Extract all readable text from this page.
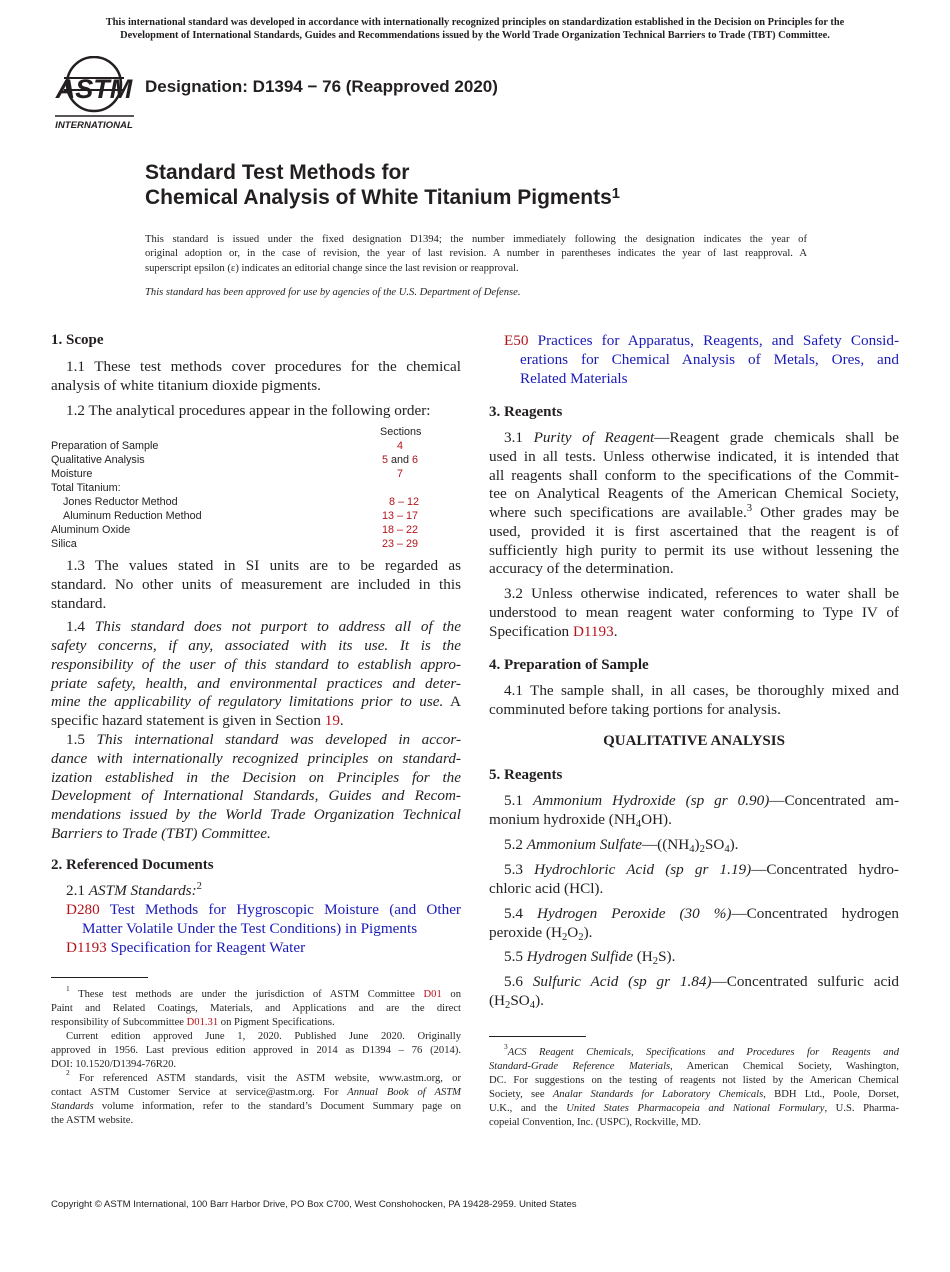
This international standard was developed in accordance with internationally recognized principles on standardization established in the Decision on Principles for the
Development of International Standards, Guides and Recommendations issued by the World Trade Organization Technical Barriers to Trade (TBT) Committee.
ASTM
INTERNATIONAL
Designation: D1394 − 76 (Reapproved 2020)
Standard Test Methods for
Chemical Analysis of White Titanium Pigments$^1$
This standard is issued under the fixed designation D1394; the number immediately following the designation indicates the year of
original adoption or, in the case of revision, the year of last revision. A number in parentheses indicates the year of last reapproval. A
superscript epsilon (ε) indicates an editorial change since the last revision or reapproval.
This standard has been approved for use by agencies of the U.S. Department of Defense.
1. Scope
1.1 These test methods cover procedures for the chemical
analysis of white titanium dioxide pigments.
1.2 The analytical procedures appear in the following order:
Sections
Preparation of Sample	4
Qualitative Analysis	5 and 6
Moisture	7
Total Titanium:
Jones Reductor Method	8 – 12
Aluminum Reduction Method	13 – 17
Aluminum Oxide	18 – 22
Silica	23 – 29
1.3 The values stated in SI units are to be regarded as
standard. No other units of measurement are included in this
standard.
1.4 This standard does not purport to address all of the
safety concerns, if any, associated with its use. It is the
responsibility of the user of this standard to establish appro-
priate safety, health, and environmental practices and deter-
mine the applicability of regulatory limitations prior to use. A
specific hazard statement is given in Section 19.
1.5 This international standard was developed in accor-
dance with internationally recognized principles on standard-
ization established in the Decision on Principles for the
Development of International Standards, Guides and Recom-
mendations issued by the World Trade Organization Technical
Barriers to Trade (TBT) Committee.
2. Referenced Documents
2.1 ASTM Standards:$^2$
D280 Test Methods for Hygroscopic Moisture (and Other
Matter Volatile Under the Test Conditions) in Pigments
D1193 Specification for Reagent Water
$^1$ These test methods are under the jurisdiction of ASTM Committee D01 on
Paint and Related Coatings, Materials, and Applications and are the direct
responsibility of Subcommittee D01.31 on Pigment Specifications.
Current edition approved June 1, 2020. Published June 2020. Originally
approved in 1956. Last previous edition approved in 2014 as D1394 – 76 (2014).
DOI: 10.1520/D1394-76R20.
$^2$ For referenced ASTM standards, visit the ASTM website, www.astm.org, or
contact ASTM Customer Service at service@astm.org. For Annual Book of ASTM
Standards volume information, refer to the standard’s Document Summary page on
the ASTM website.
E50 Practices for Apparatus, Reagents, and Safety Consid-
erations for Chemical Analysis of Metals, Ores, and
Related Materials
3. Reagents
3.1 Purity of Reagent—Reagent grade chemicals shall be
used in all tests. Unless otherwise indicated, it is intended that
all reagents shall conform to the specifications of the Commit-
tee on Analytical Reagents of the American Chemical Society,
where such specifications are available.$^3$ Other grades may be
used, provided it is first ascertained that the reagent is of
sufficiently high purity to permit its use without lessening the
accuracy of the determination.
3.2 Unless otherwise indicated, references to water shall be
understood to mean reagent water conforming to Type IV of
Specification D1193.
4. Preparation of Sample
4.1 The sample shall, in all cases, be thoroughly mixed and
comminuted before taking portions for analysis.
QUALITATIVE ANALYSIS
5. Reagents
5.1 Ammonium Hydroxide (sp gr 0.90)—Concentrated am-
monium hydroxide $(NH_4OH)$.
5.2 Ammonium $Sulfate—((NH_4)_2SO_4)$.
5.3 Hydrochloric Acid (sp gr 1.19)—Concentrated hydro-
chloric acid (HCl).
5.4 Hydrogen Peroxide (30 %)—Concentrated hydrogen
peroxide $(H_2O_2)$.
5.5 Hydrogen Sulfide $(H_2S)$.
5.6 Sulfuric Acid (sp gr 1.84)—Concentrated sulfuric acid
$(H_2SO_4)$.
$^3$ACS Reagent Chemicals, Specifications and Procedures for Reagents and
Standard-Grade Reference Materials, American Chemical Society, Washington,
DC. For suggestions on the testing of reagents not listed by the American Chemical
Society, see Analar Standards for Laboratory Chemicals, BDH Ltd., Poole, Dorset,
U.K., and the United States Pharmacopeia and National Formulary, U.S. Pharma-
copeial Convention, Inc. (USPC), Rockville, MD.
Copyright © ASTM International, 100 Barr Harbor Drive, PO Box C700, West Conshohocken, PA 19428-2959. United States
